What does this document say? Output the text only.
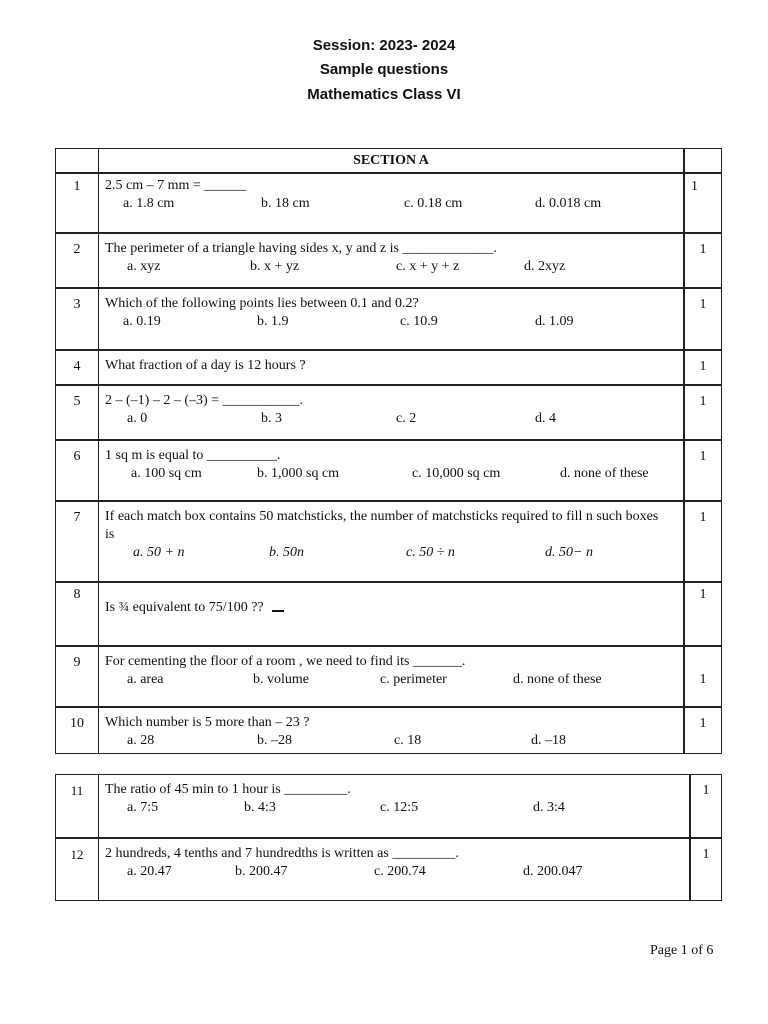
Session: 2023- 2024
Sample questions
Mathematics Class VI
	SECTION A	
1	2.5 cm – 7 mm = ______
a. 1.8 cm b. 18 cm c. 0.18 cm d. 0.018 cm	1
2	The perimeter of a triangle having sides x, y and z is _____________.
a. xyz b. x + yz c. x + y + z d. 2xyz	1
3	Which of the following points lies between 0.1 and 0.2?
a. 0.19 b. 1.9 c. 10.9 d. 1.09	1
4	What fraction of a day is 12 hours ?	1
5	2 – (–1) – 2 – (–3) = ___________.
a. 0 b. 3 c. 2 d. 4	1
6	1 sq m is equal to __________.
a. 100 sq cm b. 1,000 sq cm c. 10,000 sq cm d. none of these	1
7	If each match box contains 50 matchsticks, the number of matchsticks required to fill n such boxes is
a. 50 + n b. 50n c. 50 ÷ n d. 50− n	1
8	Is ¾ equivalent to 75/100 ??	1
9	For cementing the floor of a room , we need to find its _______.
a. area b. volume c. perimeter d. none of these	1
10	Which number is 5 more than – 23 ?
a. 28 b. –28 c. 18 d. –18	1
11	The ratio of 45 min to 1 hour is _________.
a. 7:5 b. 4:3 c. 12:5 d. 3:4	1
12	2 hundreds, 4 tenths and 7 hundredths is written as _________.
a. 20.47 b. 200.47 c. 200.74 d. 200.047	1
Page 1 of 6
